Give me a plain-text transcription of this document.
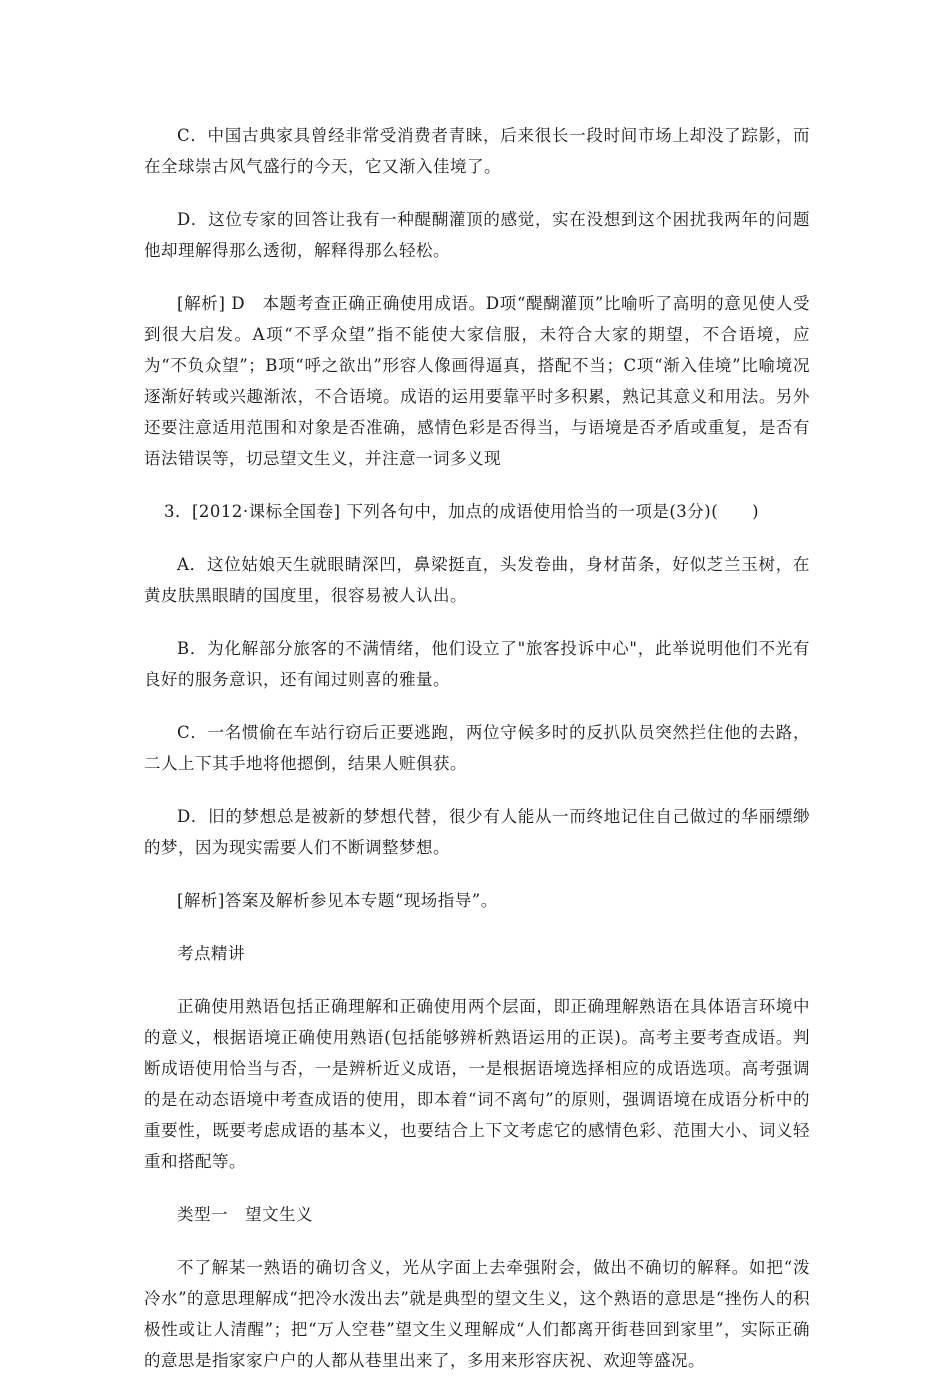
C．中国古典家具曾经非常受消费者青睐，后来很长一段时间市场上却没了踪影，而在全球崇古风气盛行的今天，它又渐入佳境了。

D．这位专家的回答让我有一种醍醐灌顶的感觉，实在没想到这个困扰我两年的问题他却理解得那么透彻，解释得那么轻松。

[解析] D　本题考查正确正确使用成语。D项“醍醐灌顶”比喻听了高明的意见使人受到很大启发。A项“不孚众望”指不能使大家信服，未符合大家的期望，不合语境，应为“不负众望”；B项“呼之欲出”形容人像画得逼真，搭配不当；C项“渐入佳境”比喻境况逐渐好转或兴趣渐浓，不合语境。成语的运用要靠平时多积累，熟记其意义和用法。另外还要注意适用范围和对象是否准确，感情色彩是否得当，与语境是否矛盾或重复，是否有语法错误等，切忌望文生义，并注意一词多义现

3．[2012·课标全国卷] 下列各句中，加点的成语使用恰当的一项是(3分)(　　)

A．这位姑娘天生就眼睛深凹，鼻梁挺直，头发卷曲，身材苗条，好似芝兰玉树，在黄皮肤黑眼睛的国度里，很容易被人认出。

B．为化解部分旅客的不满情绪，他们设立了"旅客投诉中心"，此举说明他们不光有良好的服务意识，还有闻过则喜的雅量。

C．一名惯偷在车站行窃后正要逃跑，两位守候多时的反扒队员突然拦住他的去路，二人上下其手地将他摁倒，结果人赃俱获。

D．旧的梦想总是被新的梦想代替，很少有人能从一而终地记住自己做过的华丽缥缈的梦，因为现实需要人们不断调整梦想。

[解析]答案及解析参见本专题“现场指导”。

考点精讲

正确使用熟语包括正确理解和正确使用两个层面，即正确理解熟语在具体语言环境中的意义，根据语境正确使用熟语(包括能够辨析熟语运用的正误)。高考主要考查成语。判断成语使用恰当与否，一是辨析近义成语，一是根据语境选择相应的成语选项。高考强调的是在动态语境中考查成语的使用，即本着“词不离句”的原则，强调语境在成语分析中的重要性，既要考虑成语的基本义，也要结合上下文考虑它的感情色彩、范围大小、词义轻重和搭配等。

类型一　望文生义

不了解某一熟语的确切含义，光从字面上去牵强附会，做出不确切的解释。如把“泼冷水”的意思理解成“把冷水泼出去”就是典型的望文生义，这个熟语的意思是“挫伤人的积极性或让人清醒”；把“万人空巷”望文生义理解成“人们都离开街巷回到家里”，实际正确的意思是指家家户户的人都从巷里出来了，多用来形容庆祝、欢迎等盛况。
